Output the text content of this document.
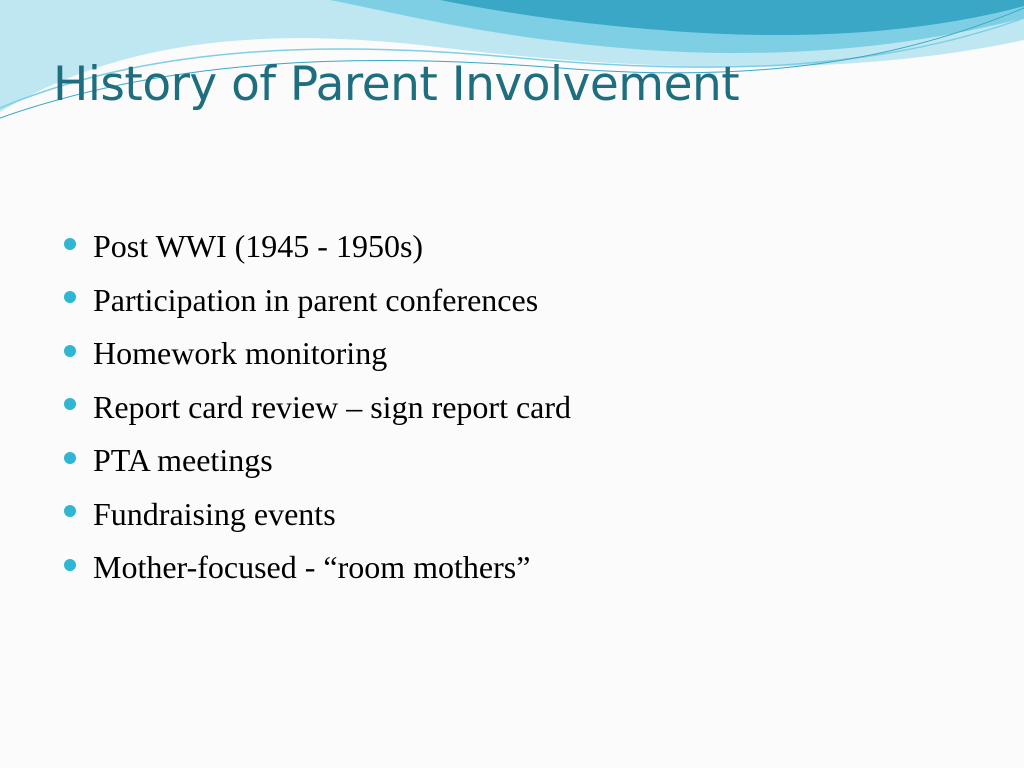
History of Parent Involvement
Post WWI (1945 - 1950s)
Participation in parent conferences
Homework monitoring
Report card review – sign report card
PTA meetings
Fundraising events
Mother-focused - “room mothers”
